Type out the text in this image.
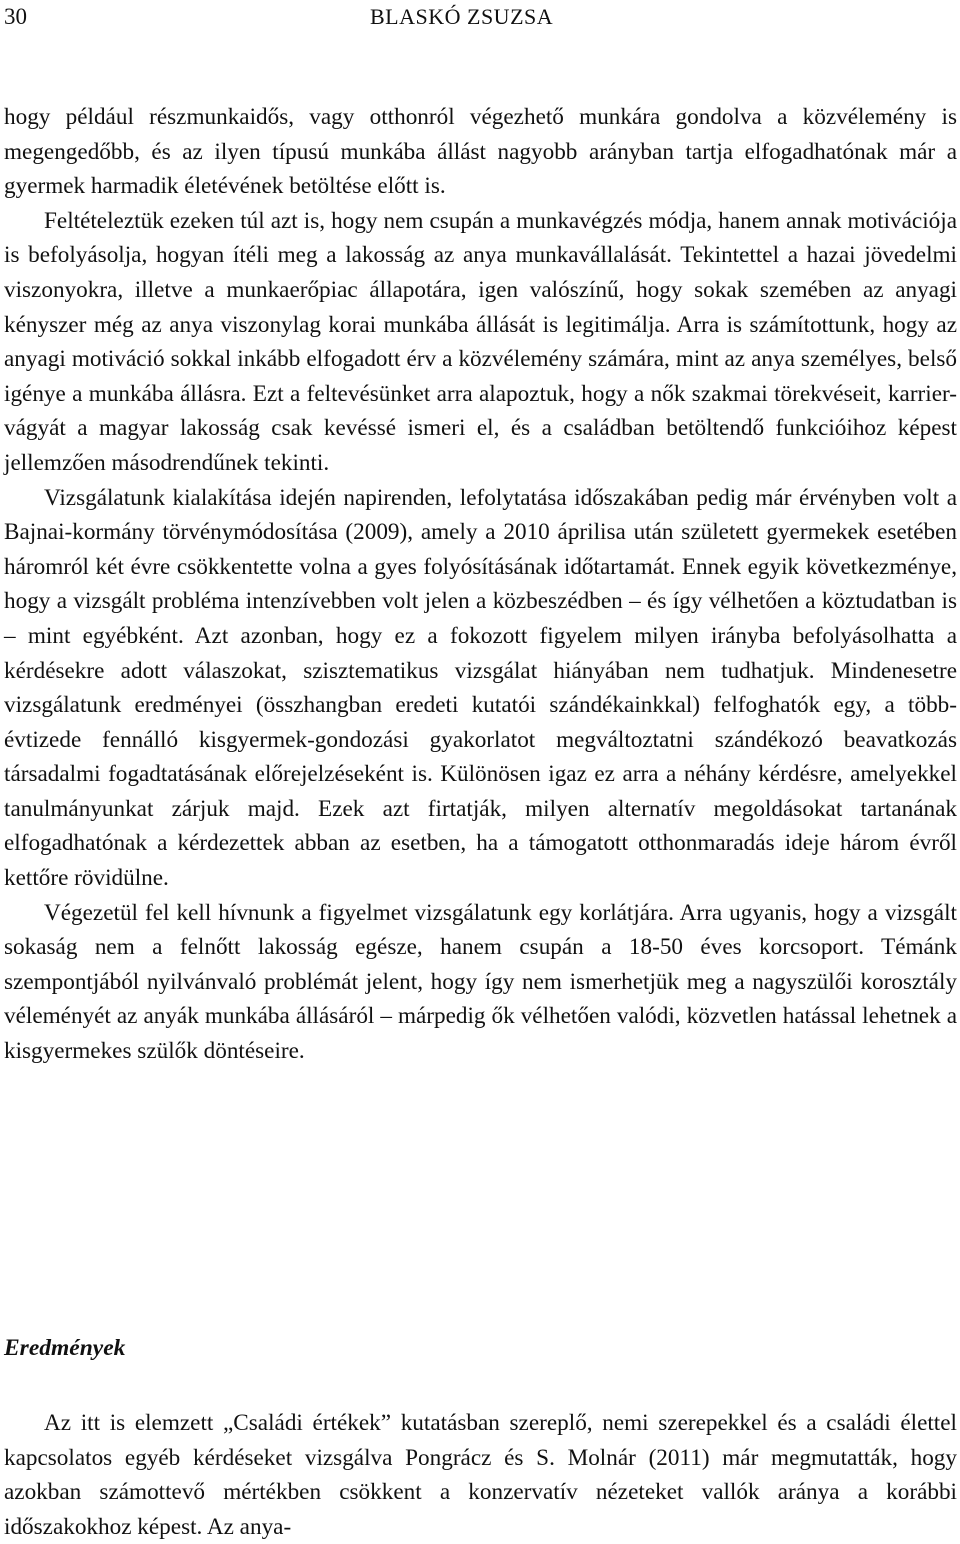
30	BLASKÓ ZSUZSA

hogy például részmunkaidős, vagy otthonról végezhető munkára gondolva a közvélemény is megengedőbb, és az ilyen típusú munkába állást nagyobb arányban tartja elfogadhatónak már a gyermek harmadik életévének betöltése előtt is.

Feltételeztük ezeken túl azt is, hogy nem csupán a munkavégzés módja, hanem annak motivációja is befolyásolja, hogyan ítéli meg a lakosság az anya munkavállalását. Tekintettel a hazai jövedelmi viszonyokra, illetve a munkaerőpiac állapotára, igen valószínű, hogy sokak szemében az anyagi kényszer még az anya viszonylag korai munkába állását is legitimálja. Arra is számítottunk, hogy az anyagi motiváció sokkal inkább elfogadott érv a közvélemény számára, mint az anya személyes, belső igénye a munkába állásra. Ezt a feltevésünket arra alapoztuk, hogy a nők szakmai törekvéseit, karrier-vágyát a magyar lakosság csak kevéssé ismeri el, és a családban betöltendő funkcióihoz képest jellemzően másodrendűnek tekinti.

Vizsgálatunk kialakítása idején napirenden, lefolytatása időszakában pedig már érvényben volt a Bajnai-kormány törvénymódosítása (2009), amely a 2010 áprilisa után született gyermekek esetében háromról két évre csökkentette volna a gyes folyósításának időtartamát. Ennek egyik következménye, hogy a vizsgált probléma intenzívebben volt jelen a közbeszédben – és így vélhetően a köztudatban is – mint egyébként. Azt azonban, hogy ez a fokozott figyelem milyen irányba befolyásolhatta a kérdésekre adott válaszokat, szisztematikus vizsgálat hiányában nem tudhatjuk. Mindenesetre vizsgálatunk eredményei (összhangban eredeti kutatói szándékainkkal) felfoghatók egy, a több-évtizede fennálló kisgyermek-gondozási gyakorlatot megváltoztatni szándékozó beavatkozás társadalmi fogadtatásának előrejelzéseként is. Különösen igaz ez arra a néhány kérdésre, amelyekkel tanulmányunkat zárjuk majd. Ezek azt firtatják, milyen alternatív megoldásokat tartanának elfogadhatónak a kérdezettek abban az esetben, ha a támogatott otthonmaradás ideje három évről kettőre rövidülne.

Végezetül fel kell hívnunk a figyelmet vizsgálatunk egy korlátjára. Arra ugyanis, hogy a vizsgált sokaság nem a felnőtt lakosság egésze, hanem csupán a 18-50 éves korcsoport. Témánk szempontjából nyilvánvaló problémát jelent, hogy így nem ismerhetjük meg a nagyszülői korosztály véleményét az anyák munkába állásáról – márpedig ők vélhetően valódi, közvetlen hatással lehetnek a kisgyermekes szülők döntéseire.

Eredmények

Az itt is elemzett „Családi értékek” kutatásban szereplő, nemi szerepekkel és a családi élettel kapcsolatos egyéb kérdéseket vizsgálva Pongrácz és S. Molnár (2011) már megmutatták, hogy azokban számottevő mértékben csökkent a konzervatív nézeteket vallók aránya a korábbi időszakokhoz képest. Az anya-
